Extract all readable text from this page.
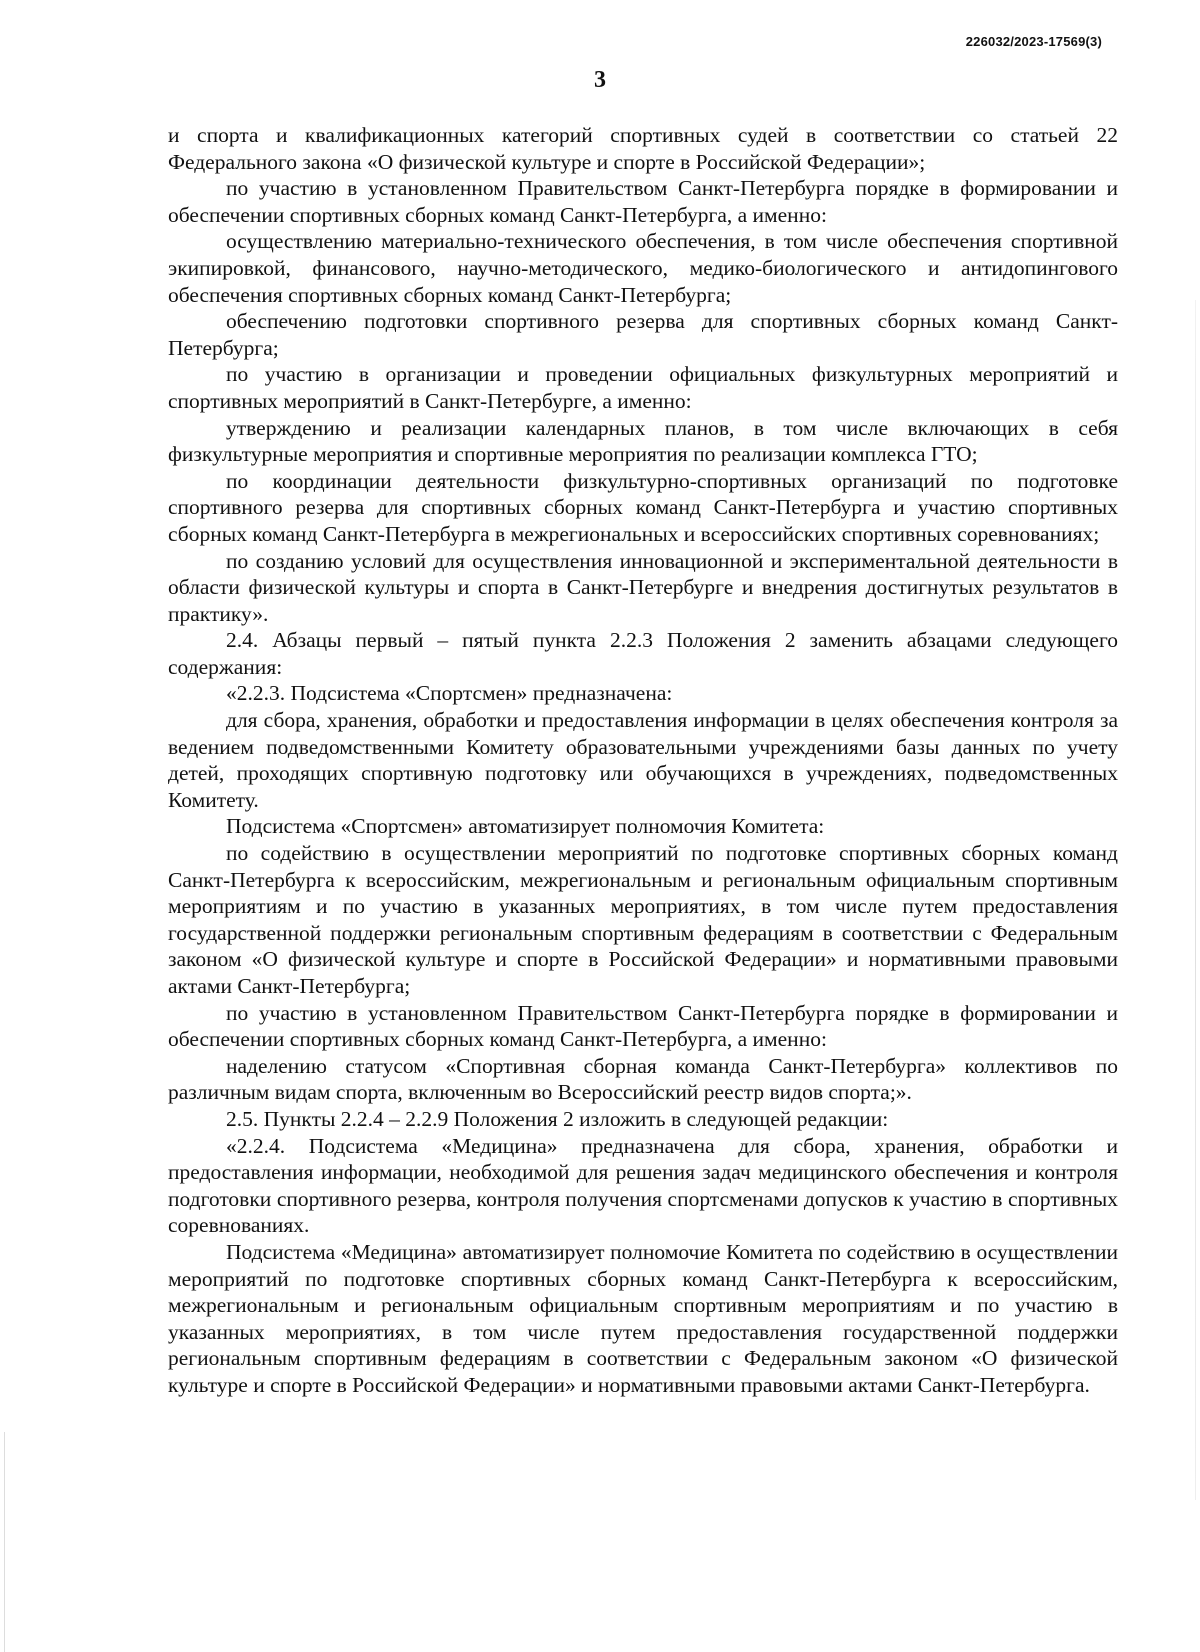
226032/2023-17569(3)
3

и спорта и квалификационных категорий спортивных судей в соответствии со статьей 22 Федерального закона «О физической культуре и спорте в Российской Федерации»;

по участию в установленном Правительством Санкт-Петербурга порядке в формировании и обеспечении спортивных сборных команд Санкт-Петербурга, а именно:

осуществлению материально-технического обеспечения, в том числе обеспечения спортивной экипировкой, финансового, научно-методического, медико-биологического и антидопингового обеспечения спортивных сборных команд Санкт-Петербурга;

обеспечению подготовки спортивного резерва для спортивных сборных команд Санкт-Петербурга;

по участию в организации и проведении официальных физкультурных мероприятий и спортивных мероприятий в Санкт-Петербурге, а именно:

утверждению и реализации календарных планов, в том числе включающих в себя физкультурные мероприятия и спортивные мероприятия по реализации комплекса ГТО;

по координации деятельности физкультурно-спортивных организаций по подготовке спортивного резерва для спортивных сборных команд Санкт-Петербурга и участию спортивных сборных команд Санкт-Петербурга в межрегиональных и всероссийских спортивных соревнованиях;

по созданию условий для осуществления инновационной и экспериментальной деятельности в области физической культуры и спорта в Санкт-Петербурге и внедрения достигнутых результатов в практику».

2.4. Абзацы первый – пятый пункта 2.2.3 Положения 2 заменить абзацами следующего содержания:

«2.2.3. Подсистема «Спортсмен» предназначена:

для сбора, хранения, обработки и предоставления информации в целях обеспечения контроля за ведением подведомственными Комитету образовательными учреждениями базы данных по учету детей, проходящих спортивную подготовку или обучающихся в учреждениях, подведомственных Комитету.

Подсистема «Спортсмен» автоматизирует полномочия Комитета:

по содействию в осуществлении мероприятий по подготовке спортивных сборных команд Санкт-Петербурга к всероссийским, межрегиональным и региональным официальным спортивным мероприятиям и по участию в указанных мероприятиях, в том числе путем предоставления государственной поддержки региональным спортивным федерациям в соответствии с Федеральным законом «О физической культуре и спорте в Российской Федерации» и нормативными правовыми актами Санкт-Петербурга;

по участию в установленном Правительством Санкт-Петербурга порядке в формировании и обеспечении спортивных сборных команд Санкт-Петербурга, а именно:

наделению статусом «Спортивная сборная команда Санкт-Петербурга» коллективов по различным видам спорта, включенным во Всероссийский реестр видов спорта;».

2.5. Пункты 2.2.4 – 2.2.9 Положения 2 изложить в следующей редакции:

«2.2.4. Подсистема «Медицина» предназначена для сбора, хранения, обработки и предоставления информации, необходимой для решения задач медицинского обеспечения и контроля подготовки спортивного резерва, контроля получения спортсменами допусков к участию в спортивных соревнованиях.

Подсистема «Медицина» автоматизирует полномочие Комитета по содействию в осуществлении мероприятий по подготовке спортивных сборных команд Санкт-Петербурга к всероссийским, межрегиональным и региональным официальным спортивным мероприятиям и по участию в указанных мероприятиях, в том числе путем предоставления государственной поддержки региональным спортивным федерациям в соответствии с Федеральным законом «О физической культуре и спорте в Российской Федерации» и нормативными правовыми актами Санкт-Петербурга.
